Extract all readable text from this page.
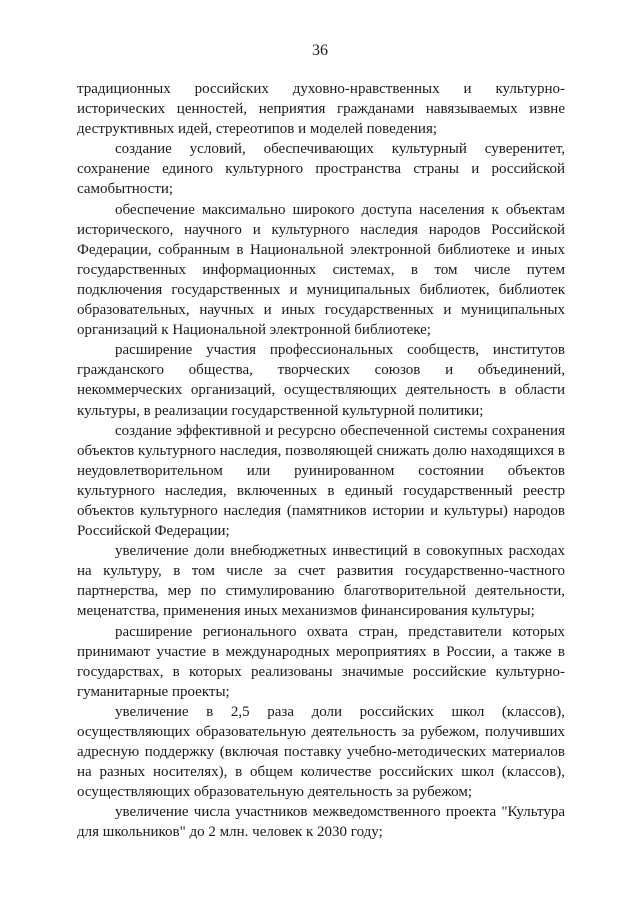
36

традиционных российских духовно-нравственных и культурно-исторических ценностей, неприятия гражданами навязываемых извне деструктивных идей, стереотипов и моделей поведения;

создание условий, обеспечивающих культурный суверенитет, сохранение единого культурного пространства страны и российской самобытности;

обеспечение максимально широкого доступа населения к объектам исторического, научного и культурного наследия народов Российской Федерации, собранным в Национальной электронной библиотеке и иных государственных информационных системах, в том числе путем подключения государственных и муниципальных библиотек, библиотек образовательных, научных и иных государственных и муниципальных организаций к Национальной электронной библиотеке;

расширение участия профессиональных сообществ, институтов гражданского общества, творческих союзов и объединений, некоммерческих организаций, осуществляющих деятельность в области культуры, в реализации государственной культурной политики;

создание эффективной и ресурсно обеспеченной системы сохранения объектов культурного наследия, позволяющей снижать долю находящихся в неудовлетворительном или руинированном состоянии объектов культурного наследия, включенных в единый государственный реестр объектов культурного наследия (памятников истории и культуры) народов Российской Федерации;

увеличение доли внебюджетных инвестиций в совокупных расходах на культуру, в том числе за счет развития государственно-частного партнерства, мер по стимулированию благотворительной деятельности, меценатства, применения иных механизмов финансирования культуры;

расширение регионального охвата стран, представители которых принимают участие в международных мероприятиях в России, а также в государствах, в которых реализованы значимые российские культурно-гуманитарные проекты;

увеличение в 2,5 раза доли российских школ (классов), осуществляющих образовательную деятельность за рубежом, получивших адресную поддержку (включая поставку учебно-методических материалов на разных носителях), в общем количестве российских школ (классов), осуществляющих образовательную деятельность за рубежом;

увеличение числа участников межведомственного проекта "Культура для школьников" до 2 млн. человек к 2030 году;
